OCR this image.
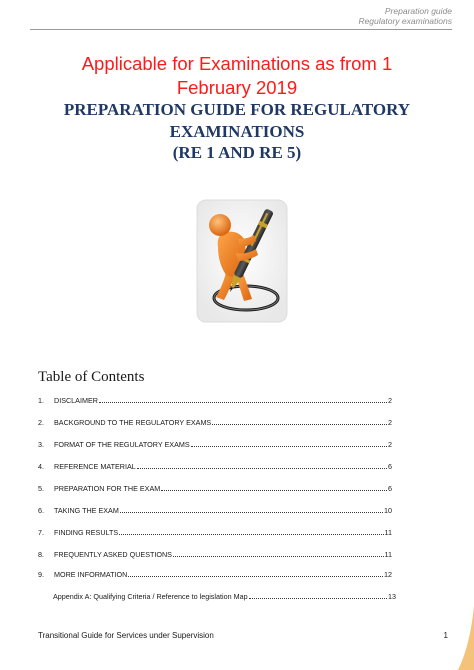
Preparation guide
Regulatory examinations
Applicable for Examinations as from 1
February 2019
PREPARATION GUIDE FOR REGULATORY
EXAMINATIONS
(RE 1 AND RE 5)
Table of Contents
1.	DISCLAIMER	2
2.	BACKGROUND TO THE REGULATORY EXAMS	2
3.	FORMAT OF THE REGULATORY EXAMS	2
4.	REFERENCE MATERIAL	6
5.	PREPARATION FOR THE EXAM	6
6.	TAKING THE EXAM	10
7.	FINDING RESULTS	11
8.	FREQUENTLY ASKED QUESTIONS	11
9.	MORE INFORMATION	12
Appendix A: Qualifying Criteria / Reference to legislation Map	13
Transitional Guide for Services under Supervision	1
